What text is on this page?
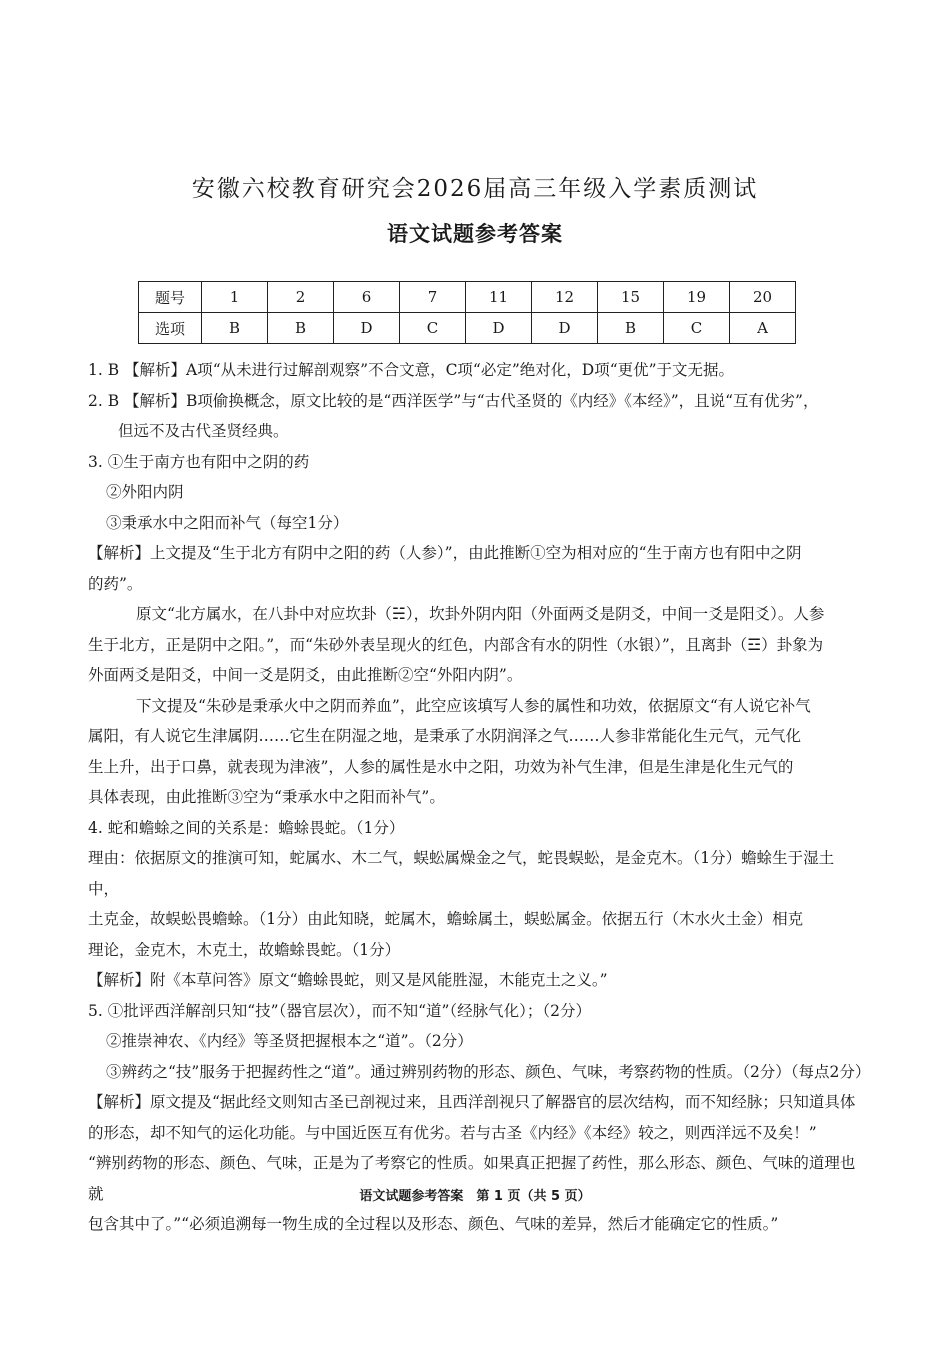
安徽六校教育研究会2026届高三年级入学素质测试
语文试题参考答案
题号	1	2	6	7	11	12	15	19	20
选项	B	B	D	C	D	D	B	C	A
1. B 【解析】A项“从未进行过解剖观察”不合文意，C项“必定”绝对化，D项“更优”于文无据。
2. B 【解析】B项偷换概念，原文比较的是“西洋医学”与“古代圣贤的《内经》《本经》”，且说“互有优劣”，
但远不及古代圣贤经典。
3. ①生于南方也有阳中之阴的药
②外阳内阴
③秉承水中之阳而补气（每空1分）
【解析】上文提及“生于北方有阴中之阳的药（人参）”，由此推断①空为相对应的“生于南方也有阳中之阴
的药”。
原文“北方属水，在八卦中对应坎卦（☵），坎卦外阴内阳（外面两爻是阴爻，中间一爻是阳爻）。人参
生于北方，正是阴中之阳。”，而“朱砂外表呈现火的红色，内部含有水的阴性（水银）”，且离卦（☲）卦象为
外面两爻是阳爻，中间一爻是阴爻，由此推断②空“外阳内阴”。
下文提及“朱砂是秉承火中之阴而养血”，此空应该填写人参的属性和功效，依据原文“有人说它补气
属阳，有人说它生津属阴……它生在阴湿之地，是秉承了水阴润泽之气……人参非常能化生元气，元气化
生上升，出于口鼻，就表现为津液”，人参的属性是水中之阳，功效为补气生津，但是生津是化生元气的
具体表现，由此推断③空为“秉承水中之阳而补气”。
4. 蛇和蟾蜍之间的关系是：蟾蜍畏蛇。（1分）
理由：依据原文的推演可知，蛇属水、木二气，蜈蚣属燥金之气，蛇畏蜈蚣，是金克木。（1分）蟾蜍生于湿土中，
土克金，故蜈蚣畏蟾蜍。（1分）由此知晓，蛇属木，蟾蜍属土，蜈蚣属金。依据五行（木水火土金）相克
理论，金克木，木克土，故蟾蜍畏蛇。（1分）
【解析】附《本草问答》原文“蟾蜍畏蛇，则又是风能胜湿，木能克土之义。”
5. ①批评西洋解剖只知“技”（器官层次），而不知“道”（经脉气化）；（2分）
②推崇神农、《内经》等圣贤把握根本之“道”。（2分）
③辨药之“技”服务于把握药性之“道”。通过辨别药物的形态、颜色、气味，考察药物的性质。（2分）（每点2分）
【解析】原文提及“据此经文则知古圣已剖视过来，且西洋剖视只了解器官的层次结构，而不知经脉；只知道具体
的形态，却不知气的运化功能。与中国近医互有优劣。若与古圣《内经》《本经》较之，则西洋远不及矣！”
“辨别药物的形态、颜色、气味，正是为了考察它的性质。如果真正把握了药性，那么形态、颜色、气味的道理也就
包含其中了。”“必须追溯每一物生成的全过程以及形态、颜色、气味的差异，然后才能确定它的性质。”
语文试题参考答案　第 1 页（共 5 页）
